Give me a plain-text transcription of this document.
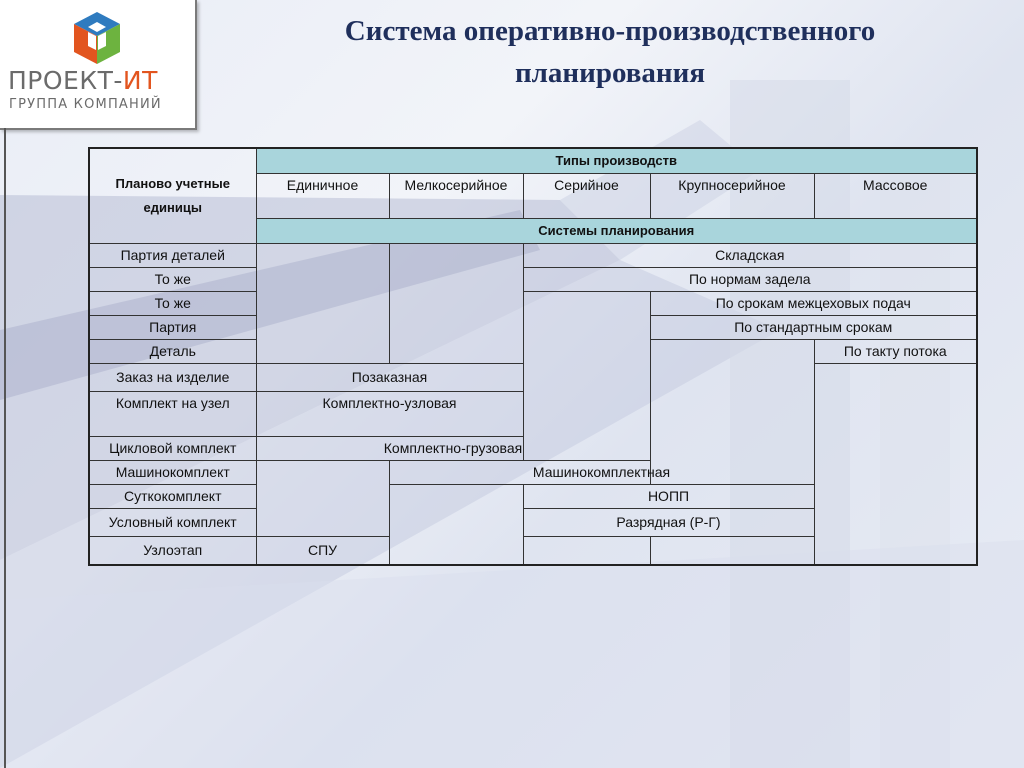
ПРОЕКТ-ИТ
ГРУППА КОМПАНИЙ
Система оперативно-производственного
планирования
Планово учетные единицы	Типы производств				
	Единичное	Мелкосерийное	Серийное	Крупносерийное	Массовое
	Системы планирования				
Партия деталей			Складская		
То же			По нормам задела		
То же				По срокам межцеховых подач	
Партия				По стандартным срокам	
Деталь					По такту потока
Заказ на изделие	Позаказная				
Комплект на узел	Комплектно-узловая				
Цикловой комплект	Комплектно-грузовая				
Машинокомплект		Машинокомплектная			
Суткокомплект			НОПП		
Условный комплект			Разрядная (Р-Г)		
Узлоэтап	СПУ				
